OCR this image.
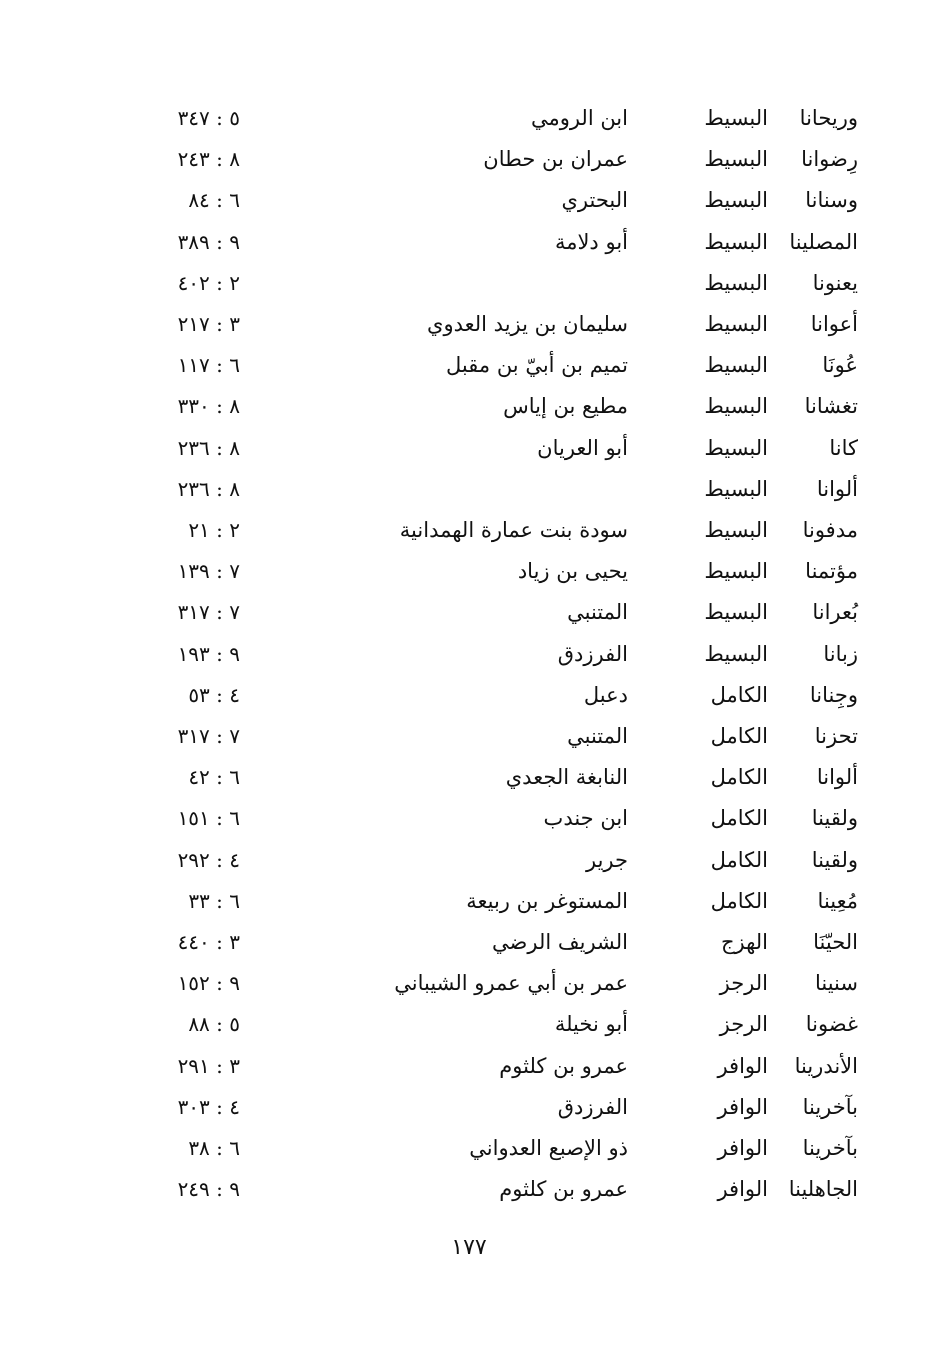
وريحانا
البسيط
ابن الرومي
٥ : ٣٤٧
رِضوانا
البسيط
عمران بن حطان
٨ : ٢٤٣
وسنانا
البسيط
البحتري
٦ : ٨٤
المصلينا
البسيط
أبو دلامة
٩ : ٣٨٩
يعنونا
البسيط
٢ : ٤٠٢
أعوانا
البسيط
سليمان بن يزيد العدوي
٣ : ٢١٧
عُونَا
البسيط
تميم بن أبيّ بن مقبل
٦ : ١١٧
تغشانا
البسيط
مطيع بن إياس
٨ : ٣٣٠
كانا
البسيط
أبو العريان
٨ : ٢٣٦
ألوانا
البسيط
٨ : ٢٣٦
مدفونا
البسيط
سودة بنت عمارة الهمدانية
٢ : ٢١
مؤتمنا
البسيط
يحيى بن زياد
٧ : ١٣٩
بُعرانا
البسيط
المتنبي
٧ : ٣١٧
زبانا
البسيط
الفرزدق
٩ : ١٩٣
وجِنانا
الكامل
دعبل
٤ : ٥٣
تحزنا
الكامل
المتنبي
٧ : ٣١٧
ألوانا
الكامل
النابغة الجعدي
٦ : ٤٢
ولقينا
الكامل
ابن جندب
٦ : ١٥١
ولقينا
الكامل
جرير
٤ : ٢٩٢
مُعِينا
الكامل
المستوغر بن ربيعة
٦ : ٣٣
الحيّنَا
الهزج
الشريف الرضي
٣ : ٤٤٠
سنينا
الرجز
عمر بن أبي عمرو الشيباني
٩ : ١٥٢
غضونا
الرجز
أبو نخيلة
٥ : ٨٨
الأندرينا
الوافر
عمرو بن كلثوم
٣ : ٢٩١
بآخرينا
الوافر
الفرزدق
٤ : ٣٠٣
بآخرينا
الوافر
ذو الإصبع العدواني
٦ : ٣٨
الجاهلينا
الوافر
عمرو بن كلثوم
٩ : ٢٤٩
١٧٧
